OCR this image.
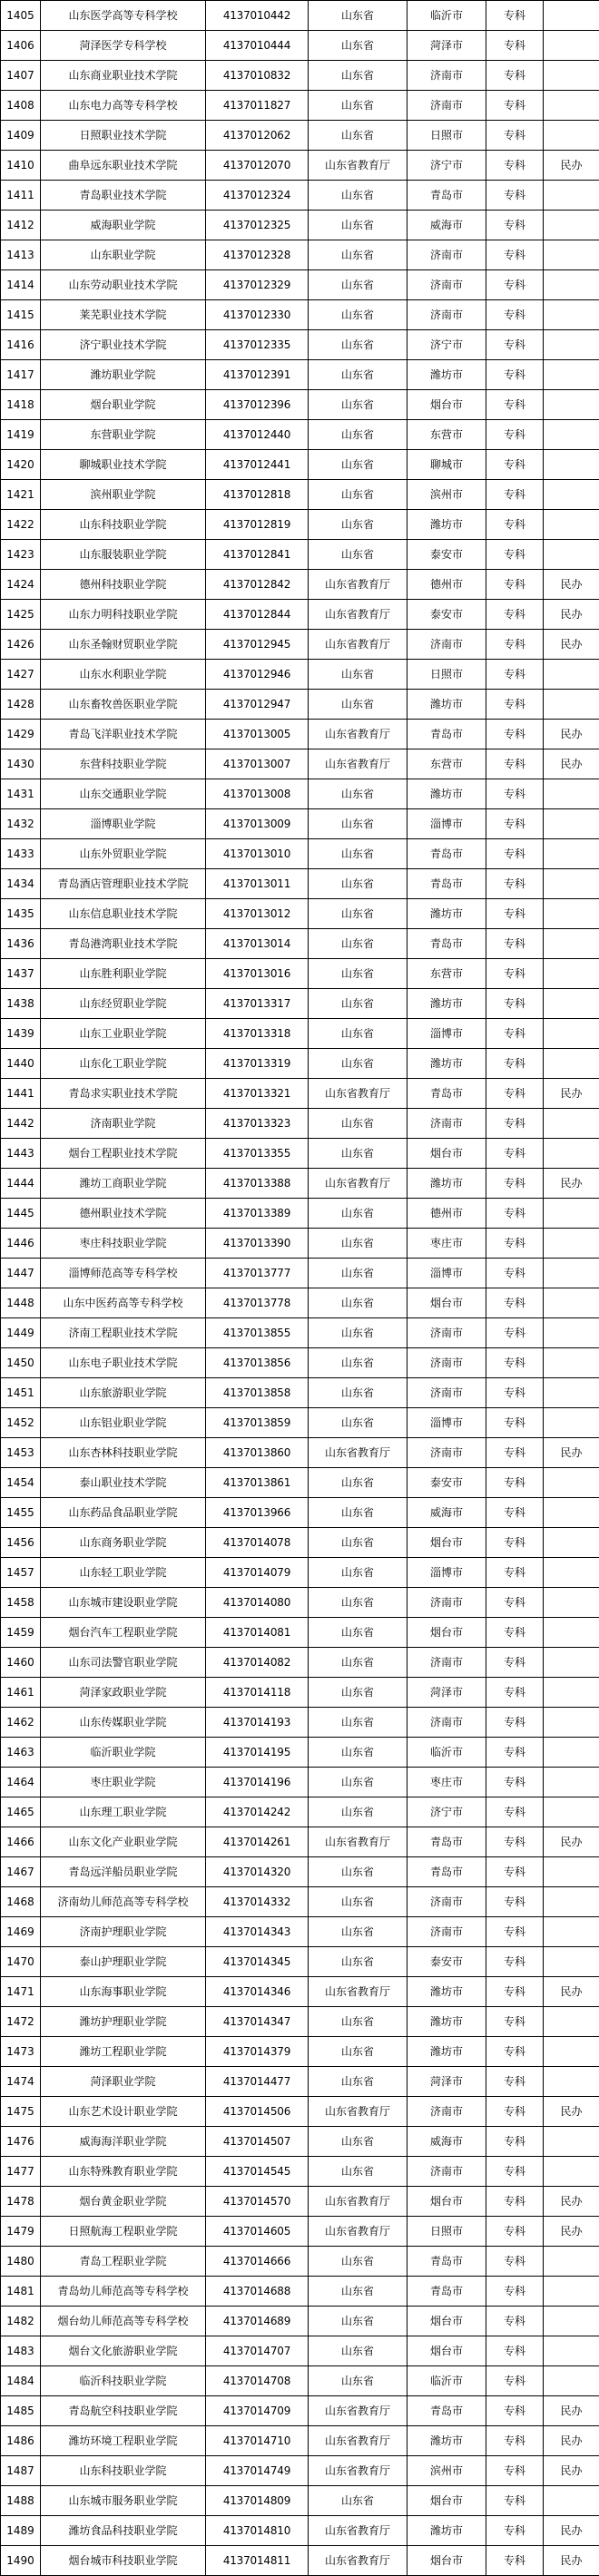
1405	山东医学高等专科学校	4137010442	山东省	临沂市	专科	
1406	菏泽医学专科学校	4137010444	山东省	菏泽市	专科	
1407	山东商业职业技术学院	4137010832	山东省	济南市	专科	
1408	山东电力高等专科学校	4137011827	山东省	济南市	专科	
1409	日照职业技术学院	4137012062	山东省	日照市	专科	
1410	曲阜远东职业技术学院	4137012070	山东省教育厅	济宁市	专科	民办
1411	青岛职业技术学院	4137012324	山东省	青岛市	专科	
1412	威海职业学院	4137012325	山东省	威海市	专科	
1413	山东职业学院	4137012328	山东省	济南市	专科	
1414	山东劳动职业技术学院	4137012329	山东省	济南市	专科	
1415	莱芜职业技术学院	4137012330	山东省	济南市	专科	
1416	济宁职业技术学院	4137012335	山东省	济宁市	专科	
1417	潍坊职业学院	4137012391	山东省	潍坊市	专科	
1418	烟台职业学院	4137012396	山东省	烟台市	专科	
1419	东营职业学院	4137012440	山东省	东营市	专科	
1420	聊城职业技术学院	4137012441	山东省	聊城市	专科	
1421	滨州职业学院	4137012818	山东省	滨州市	专科	
1422	山东科技职业学院	4137012819	山东省	潍坊市	专科	
1423	山东服装职业学院	4137012841	山东省	泰安市	专科	
1424	德州科技职业学院	4137012842	山东省教育厅	德州市	专科	民办
1425	山东力明科技职业学院	4137012844	山东省教育厅	泰安市	专科	民办
1426	山东圣翰财贸职业学院	4137012945	山东省教育厅	济南市	专科	民办
1427	山东水利职业学院	4137012946	山东省	日照市	专科	
1428	山东畜牧兽医职业学院	4137012947	山东省	潍坊市	专科	
1429	青岛飞洋职业技术学院	4137013005	山东省教育厅	青岛市	专科	民办
1430	东营科技职业学院	4137013007	山东省教育厅	东营市	专科	民办
1431	山东交通职业学院	4137013008	山东省	潍坊市	专科	
1432	淄博职业学院	4137013009	山东省	淄博市	专科	
1433	山东外贸职业学院	4137013010	山东省	青岛市	专科	
1434	青岛酒店管理职业技术学院	4137013011	山东省	青岛市	专科	
1435	山东信息职业技术学院	4137013012	山东省	潍坊市	专科	
1436	青岛港湾职业技术学院	4137013014	山东省	青岛市	专科	
1437	山东胜利职业学院	4137013016	山东省	东营市	专科	
1438	山东经贸职业学院	4137013317	山东省	潍坊市	专科	
1439	山东工业职业学院	4137013318	山东省	淄博市	专科	
1440	山东化工职业学院	4137013319	山东省	潍坊市	专科	
1441	青岛求实职业技术学院	4137013321	山东省教育厅	青岛市	专科	民办
1442	济南职业学院	4137013323	山东省	济南市	专科	
1443	烟台工程职业技术学院	4137013355	山东省	烟台市	专科	
1444	潍坊工商职业学院	4137013388	山东省教育厅	潍坊市	专科	民办
1445	德州职业技术学院	4137013389	山东省	德州市	专科	
1446	枣庄科技职业学院	4137013390	山东省	枣庄市	专科	
1447	淄博师范高等专科学校	4137013777	山东省	淄博市	专科	
1448	山东中医药高等专科学校	4137013778	山东省	烟台市	专科	
1449	济南工程职业技术学院	4137013855	山东省	济南市	专科	
1450	山东电子职业技术学院	4137013856	山东省	济南市	专科	
1451	山东旅游职业学院	4137013858	山东省	济南市	专科	
1452	山东铝业职业学院	4137013859	山东省	淄博市	专科	
1453	山东杏林科技职业学院	4137013860	山东省教育厅	济南市	专科	民办
1454	泰山职业技术学院	4137013861	山东省	泰安市	专科	
1455	山东药品食品职业学院	4137013966	山东省	威海市	专科	
1456	山东商务职业学院	4137014078	山东省	烟台市	专科	
1457	山东轻工职业学院	4137014079	山东省	淄博市	专科	
1458	山东城市建设职业学院	4137014080	山东省	济南市	专科	
1459	烟台汽车工程职业学院	4137014081	山东省	烟台市	专科	
1460	山东司法警官职业学院	4137014082	山东省	济南市	专科	
1461	菏泽家政职业学院	4137014118	山东省	菏泽市	专科	
1462	山东传媒职业学院	4137014193	山东省	济南市	专科	
1463	临沂职业学院	4137014195	山东省	临沂市	专科	
1464	枣庄职业学院	4137014196	山东省	枣庄市	专科	
1465	山东理工职业学院	4137014242	山东省	济宁市	专科	
1466	山东文化产业职业学院	4137014261	山东省教育厅	青岛市	专科	民办
1467	青岛远洋船员职业学院	4137014320	山东省	青岛市	专科	
1468	济南幼儿师范高等专科学校	4137014332	山东省	济南市	专科	
1469	济南护理职业学院	4137014343	山东省	济南市	专科	
1470	泰山护理职业学院	4137014345	山东省	泰安市	专科	
1471	山东海事职业学院	4137014346	山东省教育厅	潍坊市	专科	民办
1472	潍坊护理职业学院	4137014347	山东省	潍坊市	专科	
1473	潍坊工程职业学院	4137014379	山东省	潍坊市	专科	
1474	菏泽职业学院	4137014477	山东省	菏泽市	专科	
1475	山东艺术设计职业学院	4137014506	山东省教育厅	济南市	专科	民办
1476	威海海洋职业学院	4137014507	山东省	威海市	专科	
1477	山东特殊教育职业学院	4137014545	山东省	济南市	专科	
1478	烟台黄金职业学院	4137014570	山东省教育厅	烟台市	专科	民办
1479	日照航海工程职业学院	4137014605	山东省教育厅	日照市	专科	民办
1480	青岛工程职业学院	4137014666	山东省	青岛市	专科	
1481	青岛幼儿师范高等专科学校	4137014688	山东省	青岛市	专科	
1482	烟台幼儿师范高等专科学校	4137014689	山东省	烟台市	专科	
1483	烟台文化旅游职业学院	4137014707	山东省	烟台市	专科	
1484	临沂科技职业学院	4137014708	山东省	临沂市	专科	
1485	青岛航空科技职业学院	4137014709	山东省教育厅	青岛市	专科	民办
1486	潍坊环境工程职业学院	4137014710	山东省教育厅	潍坊市	专科	民办
1487	山东科技职业学院	4137014749	山东省教育厅	滨州市	专科	民办
1488	山东城市服务职业学院	4137014809	山东省	烟台市	专科	
1489	潍坊食品科技职业学院	4137014810	山东省教育厅	潍坊市	专科	民办
1490	烟台城市科技职业学院	4137014811	山东省教育厅	烟台市	专科	民办
